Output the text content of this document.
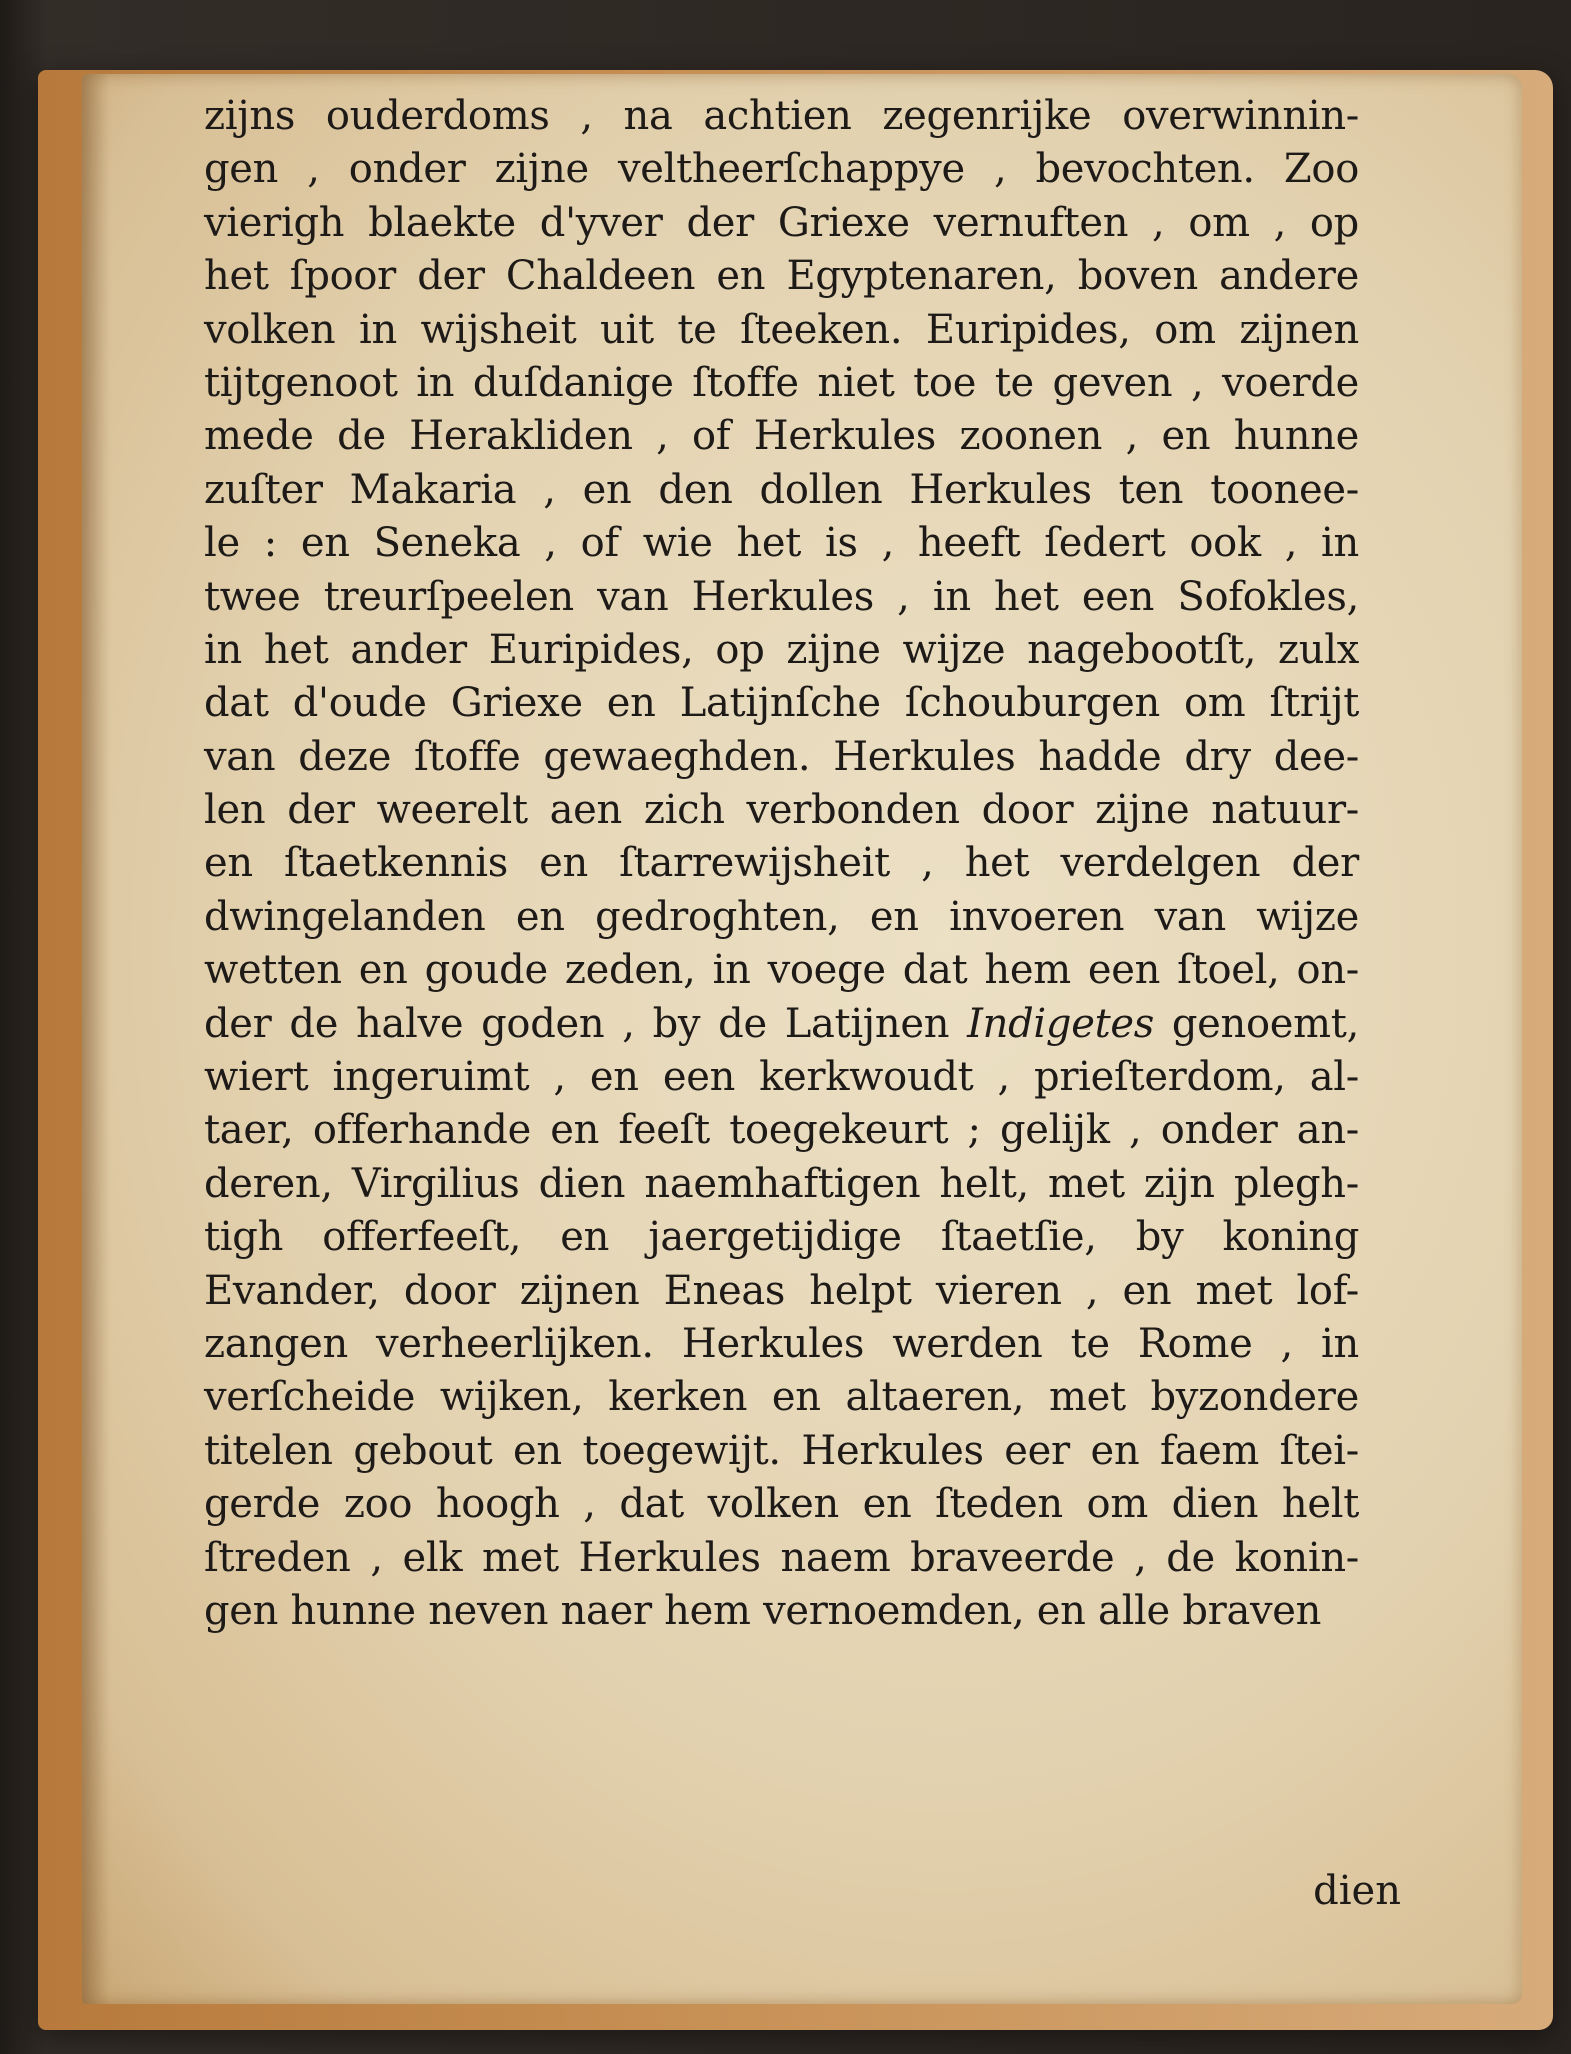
zijns ouderdoms , na achtien zegenrijke overwinnin-
gen , onder zijne veltheerſchappye , bevochten. Zoo
vierigh blaekte d'yver der Griexe vernuften , om , op
het ſpoor der Chaldeen en Egyptenaren, boven andere
volken in wijsheit uit te ſteeken. Euripides, om zijnen
tijtgenoot in duſdanige ſtoffe niet toe te geven , voerde
mede de Herakliden , of Herkules zoonen , en hunne
zuſter Makaria , en den dollen Herkules ten toonee-
le : en Seneka , of wie het is , heeft ſedert ook , in
twee treurſpeelen van Herkules , in het een Sofokles,
in het ander Euripides, op zijne wijze nagebootſt, zulx
dat d'oude Griexe en Latijnſche ſchouburgen om ſtrijt
van deze ſtoffe gewaeghden. Herkules hadde dry dee-
len der weerelt aen zich verbonden door zijne natuur-
en ſtaetkennis en ſtarrewijsheit , het verdelgen der
dwingelanden en gedroghten, en invoeren van wijze
wetten en goude zeden, in voege dat hem een ſtoel, on-
der de halve goden , by de Latijnen Indigetes genoemt,
wiert ingeruimt , en een kerkwoudt , prieſterdom, al-
taer, offerhande en feeſt toegekeurt ; gelijk , onder an-
deren, Virgilius dien naemhaftigen helt, met zijn plegh-
tigh offerfeeſt, en jaergetijdige ſtaetſie, by koning
Evander, door zijnen Eneas helpt vieren , en met lof-
zangen verheerlijken. Herkules werden te Rome , in
verſcheide wijken, kerken en altaeren, met byzondere
titelen gebout en toegewijt. Herkules eer en faem ſtei-
gerde zoo hoogh , dat volken en ſteden om dien helt
ſtreden , elk met Herkules naem braveerde , de konin-
gen hunne neven naer hem vernoemden, en alle braven
dien
